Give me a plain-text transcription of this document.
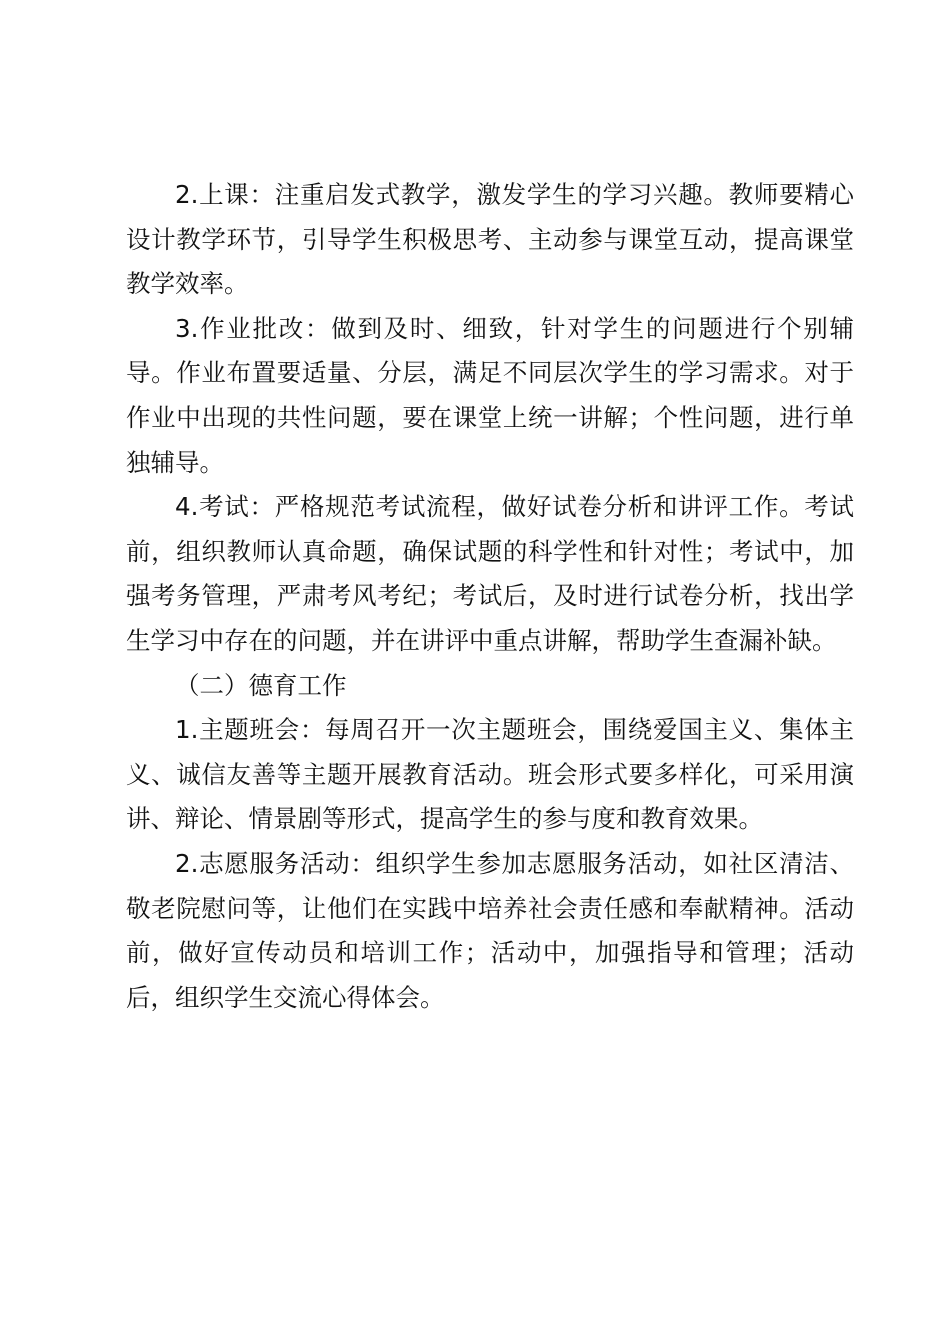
2.上课：注重启发式教学，激发学生的学习兴趣。教师要精心设计教学环节，引导学生积极思考、主动参与课堂互动，提高课堂教学效率。

3.作业批改：做到及时、细致，针对学生的问题进行个别辅导。作业布置要适量、分层，满足不同层次学生的学习需求。对于作业中出现的共性问题，要在课堂上统一讲解；个性问题，进行单独辅导。

4.考试：严格规范考试流程，做好试卷分析和讲评工作。考试前，组织教师认真命题，确保试题的科学性和针对性；考试中，加强考务管理，严肃考风考纪；考试后，及时进行试卷分析，找出学生学习中存在的问题，并在讲评中重点讲解，帮助学生查漏补缺。

（二）德育工作

1.主题班会：每周召开一次主题班会，围绕爱国主义、集体主义、诚信友善等主题开展教育活动。班会形式要多样化，可采用演讲、辩论、情景剧等形式，提高学生的参与度和教育效果。

2.志愿服务活动：组织学生参加志愿服务活动，如社区清洁、敬老院慰问等，让他们在实践中培养社会责任感和奉献精神。活动前，做好宣传动员和培训工作；活动中，加强指导和管理；活动后，组织学生交流心得体会。
